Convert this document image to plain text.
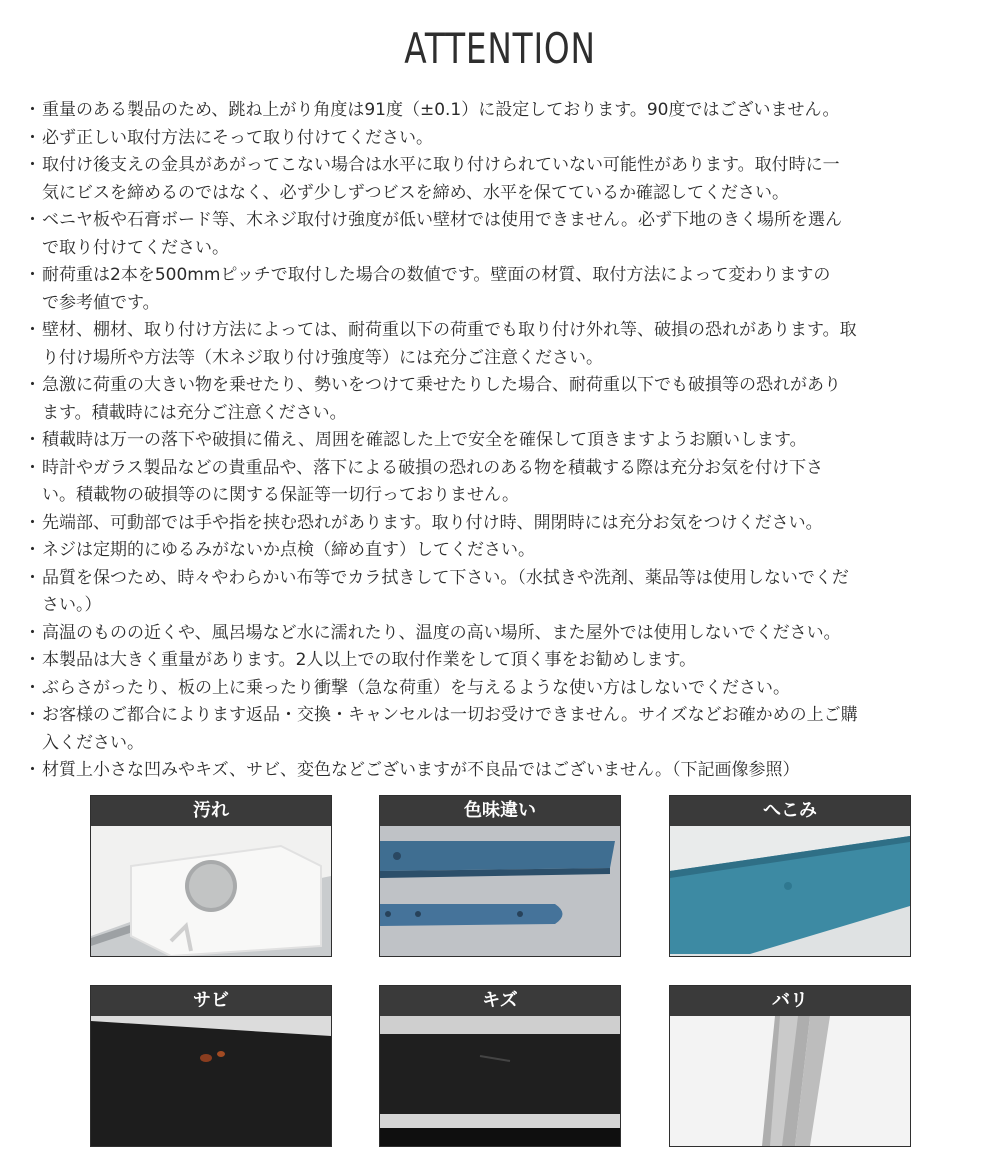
ATTENTION
・ 重量のある製品のため、跳ね上がり角度は91度（±0.1）に設定しております。90度ではございません。
・ 必ず正しい取付方法にそって取り付けてください。
・ 取付け後支えの金具があがってこない場合は水平に取り付けられていない可能性があります。取付時に一
気にビスを締めるのではなく、必ず少しずつビスを締め、水平を保てているか確認してください。
・ ベニヤ板や石膏ボード等、木ネジ取付け強度が低い壁材では使用できません。必ず下地のきく場所を選ん
で取り付けてください。
・ 耐荷重は2本を500mmピッチで取付した場合の数値です。壁面の材質、取付方法によって変わりますの
で参考値です。
・ 壁材、棚材、取り付け方法によっては、耐荷重以下の荷重でも取り付け外れ等、破損の恐れがあります。取
り付け場所や方法等（木ネジ取り付け強度等）には充分ご注意ください。
・ 急激に荷重の大きい物を乗せたり、勢いをつけて乗せたりした場合、耐荷重以下でも破損等の恐れがあり
ます。積載時には充分ご注意ください。
・ 積載時は万一の落下や破損に備え、周囲を確認した上で安全を確保して頂きますようお願いします。
・ 時計やガラス製品などの貴重品や、落下による破損の恐れのある物を積載する際は充分お気を付け下さ
い。積載物の破損等のに関する保証等一切行っておりません。
・ 先端部、可動部では手や指を挟む恐れがあります。取り付け時、開閉時には充分お気をつけください。
・ ネジは定期的にゆるみがないか点検（締め直す）してください。
・ 品質を保つため、時々やわらかい布等でカラ拭きして下さい。（水拭きや洗剤、薬品等は使用しないでくだ
さい。）
・ 高温のものの近くや、風呂場など水に濡れたり、温度の高い場所、また屋外では使用しないでください。
・ 本製品は大きく重量があります。2人以上での取付作業をして頂く事をお勧めします。
・ ぶらさがったり、板の上に乗ったり衝撃（急な荷重）を与えるような使い方はしないでください。
・ お客様のご都合によります返品・交換・キャンセルは一切お受けできません。サイズなどお確かめの上ご購
入ください。
・ 材質上小さな凹みやキズ、サビ、変色などございますが不良品ではございません。（下記画像参照）
汚れ	色味違い	へこみ
サビ	キズ	バリ
